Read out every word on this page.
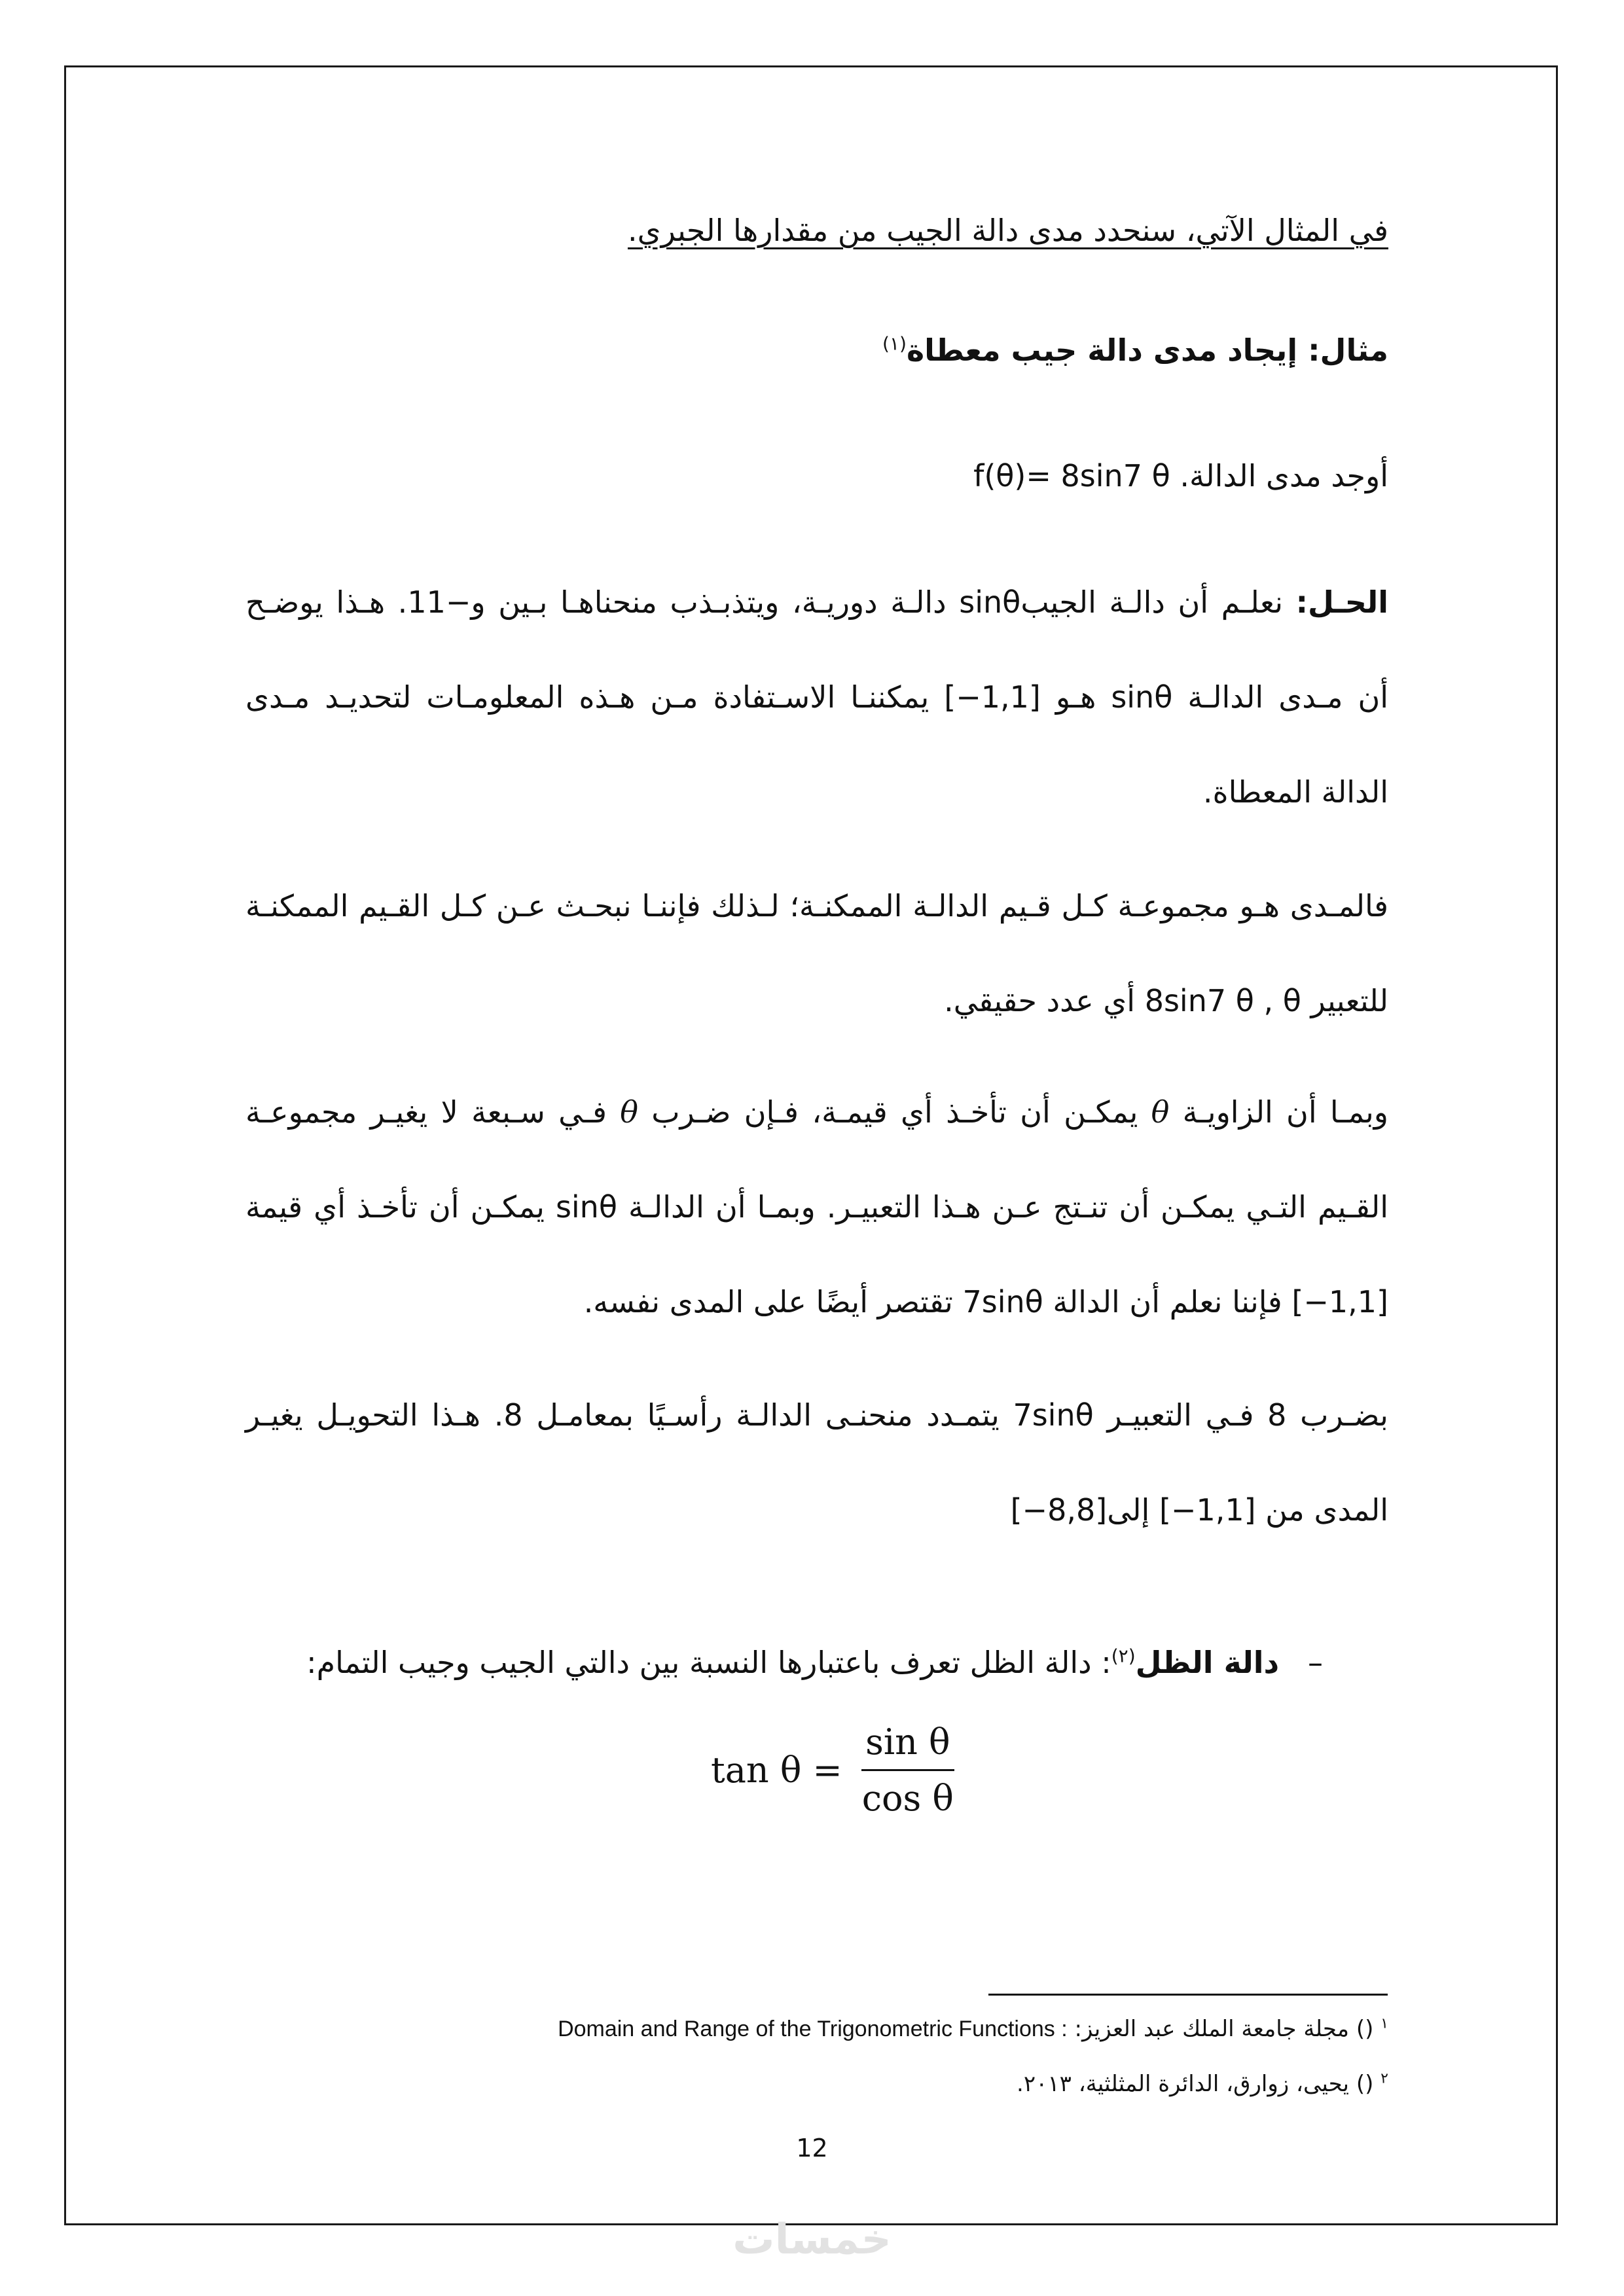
في المثال الآتي، سنحدد مدى دالة الجيب من مقدارها الجبري.

مثال: إيجاد مدى دالة جيب معطاة$^{(١)}$

أوجد مدى الدالة. f(θ)= 8sin7 θ

الحـل: نعلـم أن دالـة الجيبsinθ دالـة دوريـة، ويتذبـذب منحناهـا بـين 1و−1. هـذا يوضـح أن مـدى الدالـة sinθ هـو [−1,1] يمكننـا الاسـتفادة مـن هـذه المعلومـات لتحديـد مـدى الدالة المعطاة.

فالمـدى هـو مجموعـة كـل قـيم الدالـة الممكنـة؛ لـذلك فإننـا نبحـث عـن كـل القـيم الممكنـة للتعبير 8sin7 θ , θ أي عدد حقيقي.

وبمـا أن الزاويـة θ يمكـن أن تأخـذ أي قيمـة، فـإن ضـرب θ فـي سـبعة لا يغيـر مجموعـة القـيم التـي يمكـن أن تنـتج عـن هـذا التعبيـر. وبمـا أن الدالـة sinθ يمكـن أن تأخـذ أي قيمة [−1,1] فإننا نعلم أن الدالة 7sinθ تقتصر أيضًا على المدى نفسه.

بضـرب 8 فـي التعبيـر 7sinθ يتمـدد منحنـى الدالـة رأسـيًا بمعامـل 8. هـذا التحويـل يغيـر المدى من [−1,1] إلى[−8,8]

–   دالة الظل$^{(٢)}$: دالة الظل تعرف باعتبارها النسبة بين دالتي الجيب وجيب التمام:

$\tan \theta = \frac{\text{sin θ}}{\text{cos θ}}$
$^١$ () مجلة جامعة الملك عبد العزيز: Domain and Range of the Trigonometric Functions :
$^٢$ () يحيى، زوارق، الدائرة المثلثية، ٢٠١٣.
12
خمسات
